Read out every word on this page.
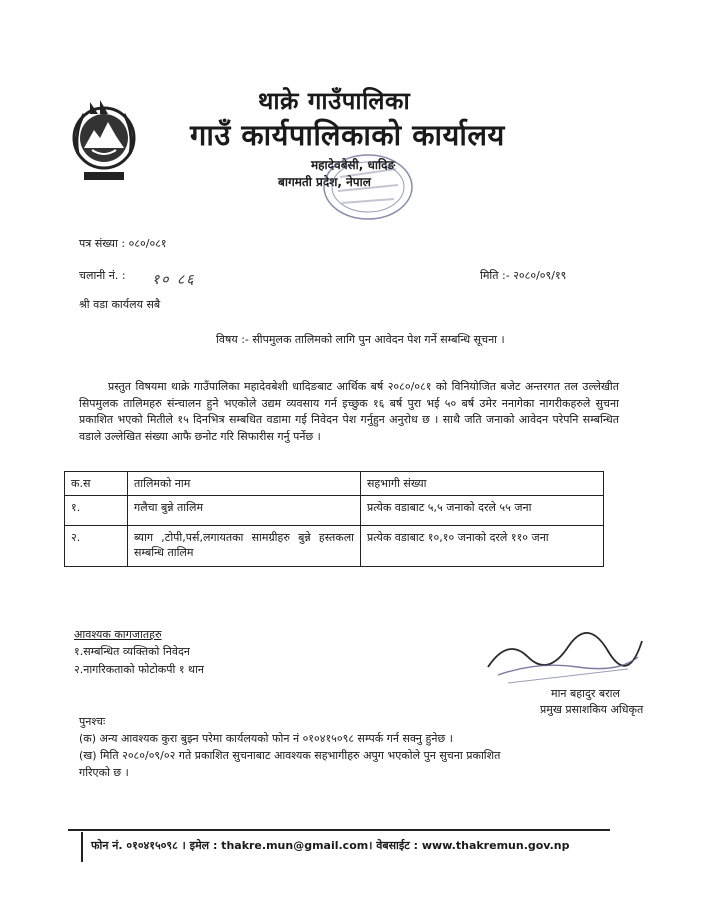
थाक्रे गाउँपालिका
गाउँ कार्यपालिकाको कार्यालय
महादेवबेसी, धादिङ
बागमती प्रदेश, नेपाल
पत्र संख्या : ०८०/०८१
चलानी नं. : १० ८६	मिति :- २०८०/०९/१९
श्री वडा कार्यलय सबै
विषय :- सीपमुलक तालिमको लागि पुन आवेदन पेश गर्ने सम्बन्धि सूचना ।

प्रस्तुत विषयमा थाक्रे गाउँपालिका महादेवबेशी धादिङबाट आर्थिक बर्ष २०८०/०८१ को विनियोजित बजेट अन्तरगत तल उल्लेखीत सिपमुलक तालिमहरु संन्चालन हुने भएकोले उद्यम व्यवसाय गर्न इच्छुक १६ बर्ष पुरा भई ५० बर्ष उमेर ननागेका नागरीकहरुले सुचना प्रकाशित भएको मितीले १५ दिनभित्र सम्बधित वडामा गई निवेदन पेश गर्नुहुन अनुरोध छ । साथै जति जनाको आवेदन परेपनि सम्बन्धित वडाले उल्लेखित संख्या आफै छनोट गरि सिफारीस गर्नु पर्नेछ ।

क.स	तालिमको नाम	सहभागी संख्या
१.	गलैचा बुन्ने तालिम	प्रत्येक वडाबाट ५,५ जनाको दरले ५५ जना
२.	ब्याग ,टोपी,पर्स,लगायतका सामग्रीहरु बुन्ने हस्तकला सम्बन्धि तालिम	प्रत्येक वडाबाट १०,१० जनाको दरले ११० जना
आवश्यक कागजातहरु
१.सम्बन्धित व्यक्तिको निवेदन
२.नागरिकताको फोटोकपी १ थान
मान बहादुर बराल
प्रमुख प्रसाशकिय अधिकृत
पुनश्चः
(क) अन्य आवश्यक कुरा बुझ्न परेमा कार्यलयको फोन नं ०१०४१५०९८ सम्पर्क गर्न सक्नु हुनेछ ।
(ख) मिति २०८०/०९/०२ गते प्रकाशित सुचनाबाट आवश्यक सहभागीहरु अपुग भएकोले पुन सुचना प्रकाशित
गरिएको छ ।
फोन नं. ०१०४१५०९८ । इमेल : thakre.mun@gmail.com। वेबसाईट : www.thakremun.gov.np
